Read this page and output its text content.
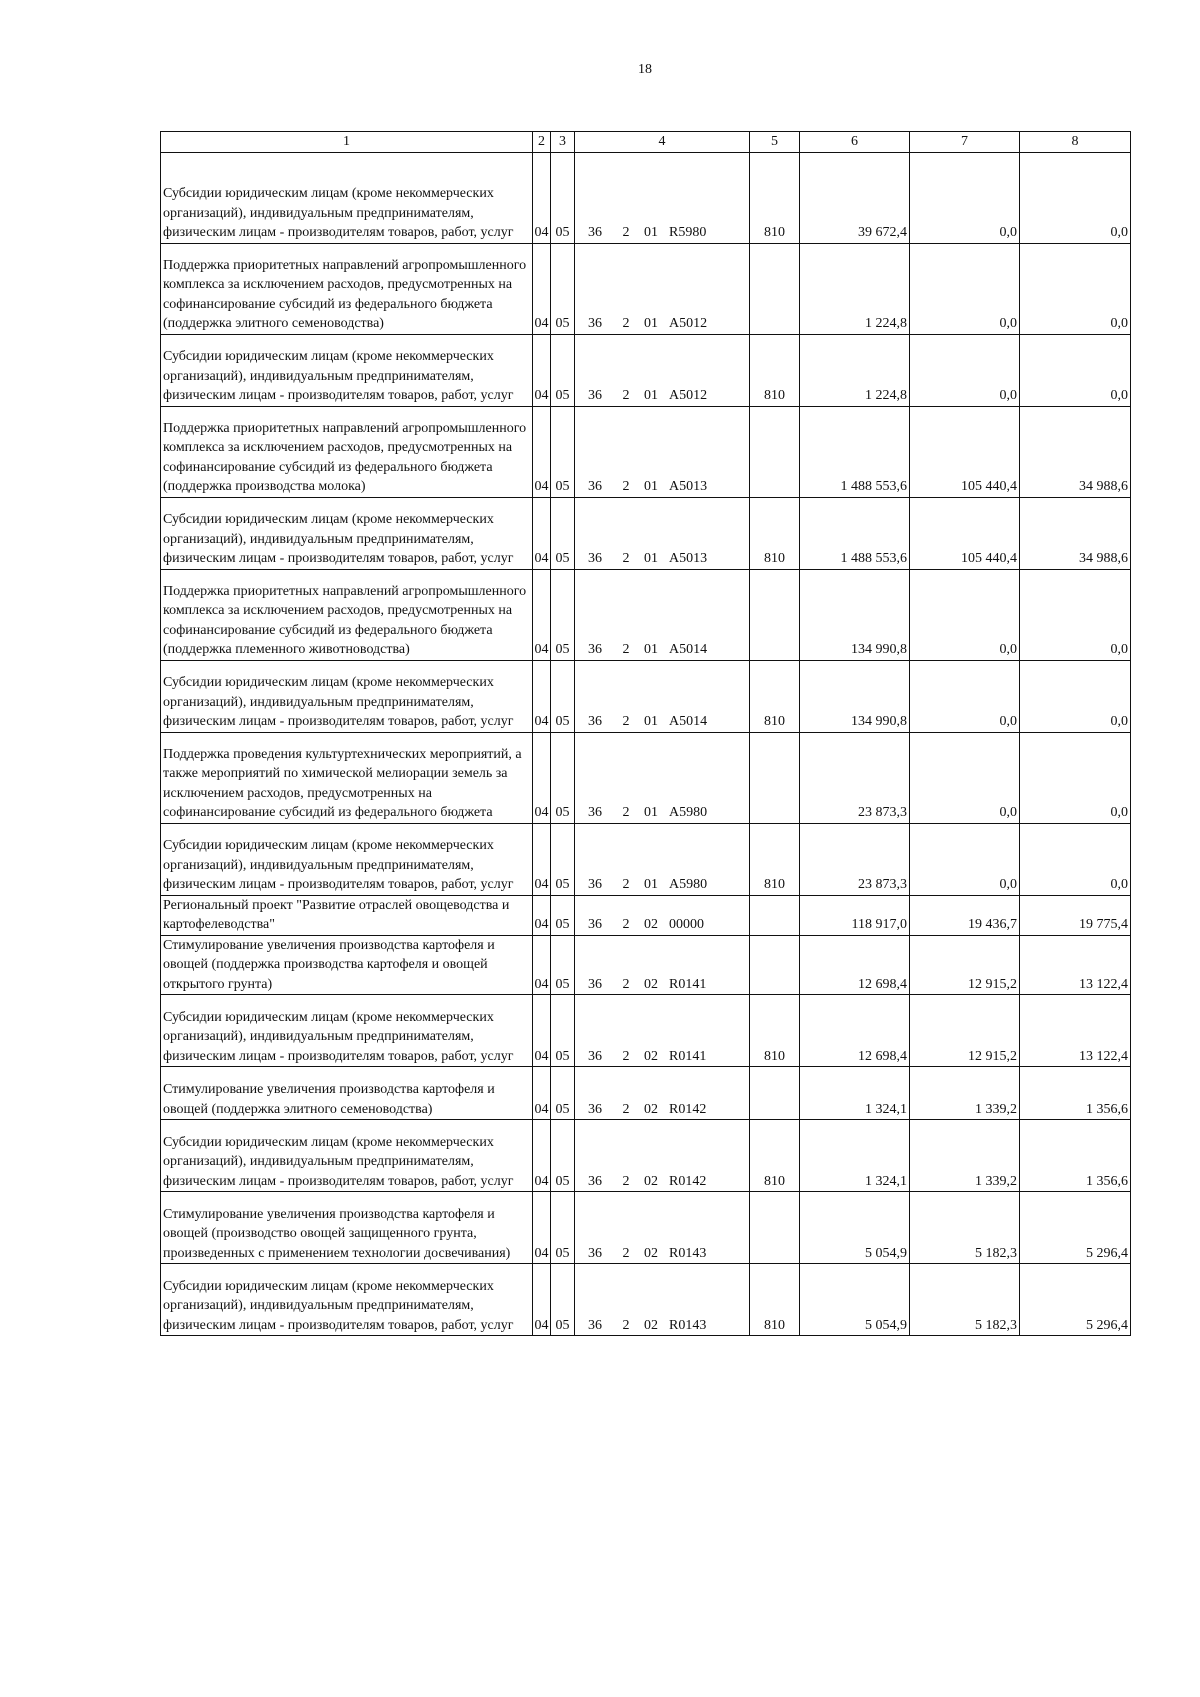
18
1	2	3	4	5	6	7	8
Субсидии юридическим лицам (кроме некоммерческих организаций), индивидуальным предпринимателям, физическим лицам - производителям товаров, работ, услуг	04	05	36 2 01 R5980	810	39 672,4	0,0	0,0
Поддержка приоритетных направлений агропромышленного комплекса за исключением расходов, предусмотренных на софинансирование субсидий из федерального бюджета (поддержка элитного семеноводства)	04	05	36 2 01 A5012		1 224,8	0,0	0,0
Субсидии юридическим лицам (кроме некоммерческих организаций), индивидуальным предпринимателям, физическим лицам - производителям товаров, работ, услуг	04	05	36 2 01 A5012	810	1 224,8	0,0	0,0
Поддержка приоритетных направлений агропромышленного комплекса за исключением расходов, предусмотренных на софинансирование субсидий из федерального бюджета (поддержка производства молока)	04	05	36 2 01 A5013		1 488 553,6	105 440,4	34 988,6
Субсидии юридическим лицам (кроме некоммерческих организаций), индивидуальным предпринимателям, физическим лицам - производителям товаров, работ, услуг	04	05	36 2 01 A5013	810	1 488 553,6	105 440,4	34 988,6
Поддержка приоритетных направлений агропромышленного комплекса за исключением расходов, предусмотренных на софинансирование субсидий из федерального бюджета (поддержка племенного животноводства)	04	05	36 2 01 A5014		134 990,8	0,0	0,0
Субсидии юридическим лицам (кроме некоммерческих организаций), индивидуальным предпринимателям, физическим лицам - производителям товаров, работ, услуг	04	05	36 2 01 A5014	810	134 990,8	0,0	0,0
Поддержка проведения культуртехнических мероприятий, а также мероприятий по химической мелиорации земель за исключением расходов, предусмотренных на софинансирование субсидий из федерального бюджета	04	05	36 2 01 A5980		23 873,3	0,0	0,0
Субсидии юридическим лицам (кроме некоммерческих организаций), индивидуальным предпринимателям, физическим лицам - производителям товаров, работ, услуг	04	05	36 2 01 A5980	810	23 873,3	0,0	0,0
Региональный проект "Развитие отраслей овощеводства и картофелеводства"	04	05	36 2 02 00000		118 917,0	19 436,7	19 775,4
Стимулирование увеличения производства картофеля и овощей (поддержка производства картофеля и овощей открытого грунта)	04	05	36 2 02 R0141		12 698,4	12 915,2	13 122,4
Субсидии юридическим лицам (кроме некоммерческих организаций), индивидуальным предпринимателям, физическим лицам - производителям товаров, работ, услуг	04	05	36 2 02 R0141	810	12 698,4	12 915,2	13 122,4
Стимулирование увеличения производства картофеля и овощей (поддержка элитного семеноводства)	04	05	36 2 02 R0142		1 324,1	1 339,2	1 356,6
Субсидии юридическим лицам (кроме некоммерческих организаций), индивидуальным предпринимателям, физическим лицам - производителям товаров, работ, услуг	04	05	36 2 02 R0142	810	1 324,1	1 339,2	1 356,6
Стимулирование увеличения производства картофеля и овощей (производство овощей защищенного грунта, произведенных с применением технологии досвечивания)	04	05	36 2 02 R0143		5 054,9	5 182,3	5 296,4
Субсидии юридическим лицам (кроме некоммерческих организаций), индивидуальным предпринимателям, физическим лицам - производителям товаров, работ, услуг	04	05	36 2 02 R0143	810	5 054,9	5 182,3	5 296,4
